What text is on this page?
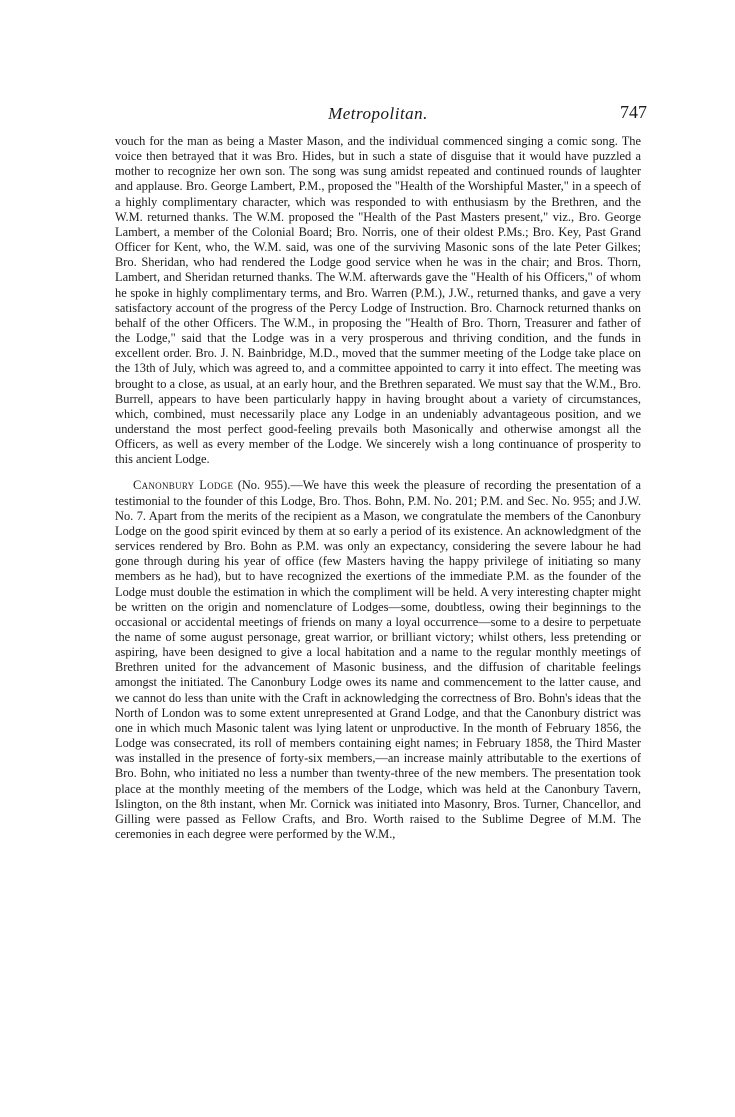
Metropolitan.	747

vouch for the man as being a Master Mason, and the individual commenced singing a comic song. The voice then betrayed that it was Bro. Hides, but in such a state of disguise that it would have puzzled a mother to recognize her own son. The song was sung amidst repeated and continued rounds of laughter and applause. Bro. George Lambert, P.M., proposed the "Health of the Worshipful Master," in a speech of a highly complimentary character, which was responded to with enthusiasm by the Brethren, and the W.M. returned thanks. The W.M. proposed the "Health of the Past Masters present," viz., Bro. George Lambert, a member of the Colonial Board; Bro. Norris, one of their oldest P.Ms.; Bro. Key, Past Grand Officer for Kent, who, the W.M. said, was one of the surviving Masonic sons of the late Peter Gilkes; Bro. Sheridan, who had rendered the Lodge good service when he was in the chair; and Bros. Thorn, Lambert, and Sheridan returned thanks. The W.M. afterwards gave the "Health of his Officers," of whom he spoke in highly complimentary terms, and Bro. Warren (P.M.), J.W., returned thanks, and gave a very satisfactory account of the progress of the Percy Lodge of Instruction. Bro. Charnock returned thanks on behalf of the other Officers. The W.M., in proposing the "Health of Bro. Thorn, Treasurer and father of the Lodge," said that the Lodge was in a very prosperous and thriving condition, and the funds in excellent order. Bro. J. N. Bainbridge, M.D., moved that the summer meeting of the Lodge take place on the 13th of July, which was agreed to, and a committee appointed to carry it into effect. The meeting was brought to a close, as usual, at an early hour, and the Brethren separated. We must say that the W.M., Bro. Burrell, appears to have been particularly happy in having brought about a variety of circumstances, which, combined, must necessarily place any Lodge in an undeniably advantageous position, and we understand the most perfect good-feeling prevails both Masonically and otherwise amongst all the Officers, as well as every member of the Lodge. We sincerely wish a long continuance of prosperity to this ancient Lodge.

Canonbury Lodge (No. 955).—We have this week the pleasure of recording the presentation of a testimonial to the founder of this Lodge, Bro. Thos. Bohn, P.M. No. 201; P.M. and Sec. No. 955; and J.W. No. 7. Apart from the merits of the recipient as a Mason, we congratulate the members of the Canonbury Lodge on the good spirit evinced by them at so early a period of its existence. An acknowledgment of the services rendered by Bro. Bohn as P.M. was only an expectancy, considering the severe labour he had gone through during his year of office (few Masters having the happy privilege of initiating so many members as he had), but to have recognized the exertions of the immediate P.M. as the founder of the Lodge must double the estimation in which the compliment will be held. A very interesting chapter might be written on the origin and nomenclature of Lodges—some, doubtless, owing their beginnings to the occasional or accidental meetings of friends on many a loyal occurrence—some to a desire to perpetuate the name of some august personage, great warrior, or brilliant victory; whilst others, less pretending or aspiring, have been designed to give a local habitation and a name to the regular monthly meetings of Brethren united for the advancement of Masonic business, and the diffusion of charitable feelings amongst the initiated. The Canonbury Lodge owes its name and commencement to the latter cause, and we cannot do less than unite with the Craft in acknowledging the correctness of Bro. Bohn's ideas that the North of London was to some extent unrepresented at Grand Lodge, and that the Canonbury district was one in which much Masonic talent was lying latent or unproductive. In the month of February 1856, the Lodge was consecrated, its roll of members containing eight names; in February 1858, the Third Master was installed in the presence of forty-six members,—an increase mainly attributable to the exertions of Bro. Bohn, who initiated no less a number than twenty-three of the new members. The presentation took place at the monthly meeting of the members of the Lodge, which was held at the Canonbury Tavern, Islington, on the 8th instant, when Mr. Cornick was initiated into Masonry, Bros. Turner, Chancellor, and Gilling were passed as Fellow Crafts, and Bro. Worth raised to the Sublime Degree of M.M. The ceremonies in each degree were performed by the W.M.,
